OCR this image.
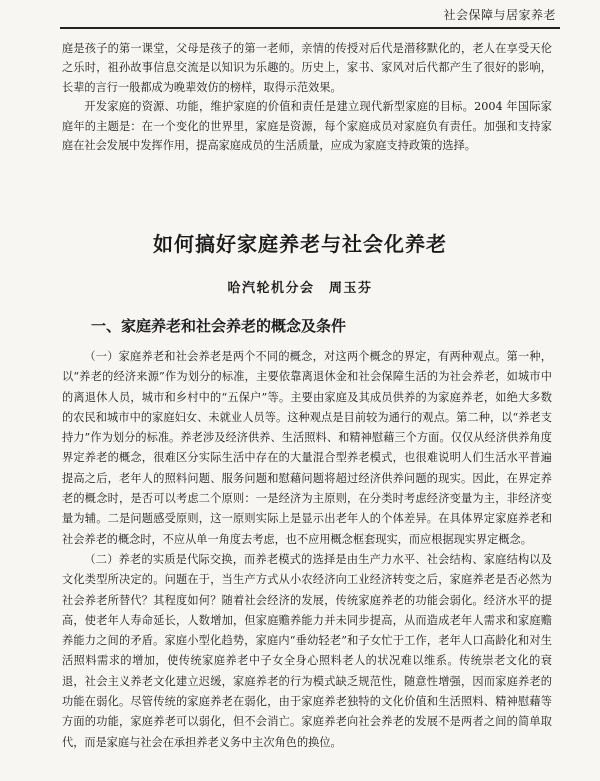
社会保障与居家养老

庭是孩子的第一课堂，父母是孩子的第一老师，亲情的传授对后代是潜移默化的，老人在享受天伦之乐时，祖孙故事信息交流是以知识为乐趣的。历史上，家书、家风对后代都产生了很好的影响，长辈的言行一般都成为晚辈效仿的榜样，取得示范效果。

开发家庭的资源、功能，维护家庭的价值和责任是建立现代新型家庭的目标。2004 年国际家庭年的主题是：在一个变化的世界里，家庭是资源，每个家庭成员对家庭负有责任。加强和支持家庭在社会发展中发挥作用，提高家庭成员的生活质量，应成为家庭支持政策的选择。

如何搞好家庭养老与社会化养老
哈汽轮机分会　周玉芬
一、家庭养老和社会养老的概念及条件

（一）家庭养老和社会养老是两个不同的概念，对这两个概念的界定，有两种观点。第一种，以“养老的经济来源”作为划分的标准，主要依靠离退休金和社会保障生活的为社会养老，如城市中的离退休人员，城市和乡村中的“五保户”等。主要由家庭及其成员供养的为家庭养老，如绝大多数的农民和城市中的家庭妇女、未就业人员等。这种观点是目前较为通行的观点。第二种，以“养老支持力”作为划分的标准。养老涉及经济供养、生活照料、和精神慰藉三个方面。仅仅从经济供养角度界定养老的概念，很难区分实际生活中存在的大量混合型养老模式，也很难说明人们生活水平普遍提高之后，老年人的照料问题、服务问题和慰藉问题将超过经济供养问题的现实。因此，在界定养老的概念时，是否可以考虑二个原则：一是经济为主原则，在分类时考虑经济变量为主，非经济变量为辅。二是问题感受原则，这一原则实际上是显示出老年人的个体差异。在具体界定家庭养老和社会养老的概念时，不应从单一角度去考虑，也不应用概念框套现实，而应根据现实界定概念。

（二）养老的实质是代际交换，而养老模式的选择是由生产力水平、社会结构、家庭结构以及文化类型所决定的。问题在于，当生产方式从小农经济向工业经济转变之后，家庭养老是否必然为社会养老所替代？其程度如何？随着社会经济的发展，传统家庭养老的功能会弱化。经济水平的提高，使老年人寿命延长，人数增加，但家庭赡养能力并未同步提高，从而造成老年人需求和家庭赡养能力之间的矛盾。家庭小型化趋势，家庭内“垂幼轻老”和子女忙于工作，老年人口高龄化和对生活照料需求的增加，使传统家庭养老中子女全身心照料老人的状况难以维系。传统崇老文化的衰退，社会主义养老文化建立迟缓，家庭养老的行为模式缺乏规范性，随意性增强，因而家庭养老的功能在弱化。尽管传统的家庭养老在弱化，由于家庭养老独特的文化价值和生活照料、精神慰藉等方面的功能，家庭养老可以弱化，但不会消亡。家庭养老向社会养老的发展不是两者之间的简单取代，而是家庭与社会在承担养老义务中主次角色的换位。
